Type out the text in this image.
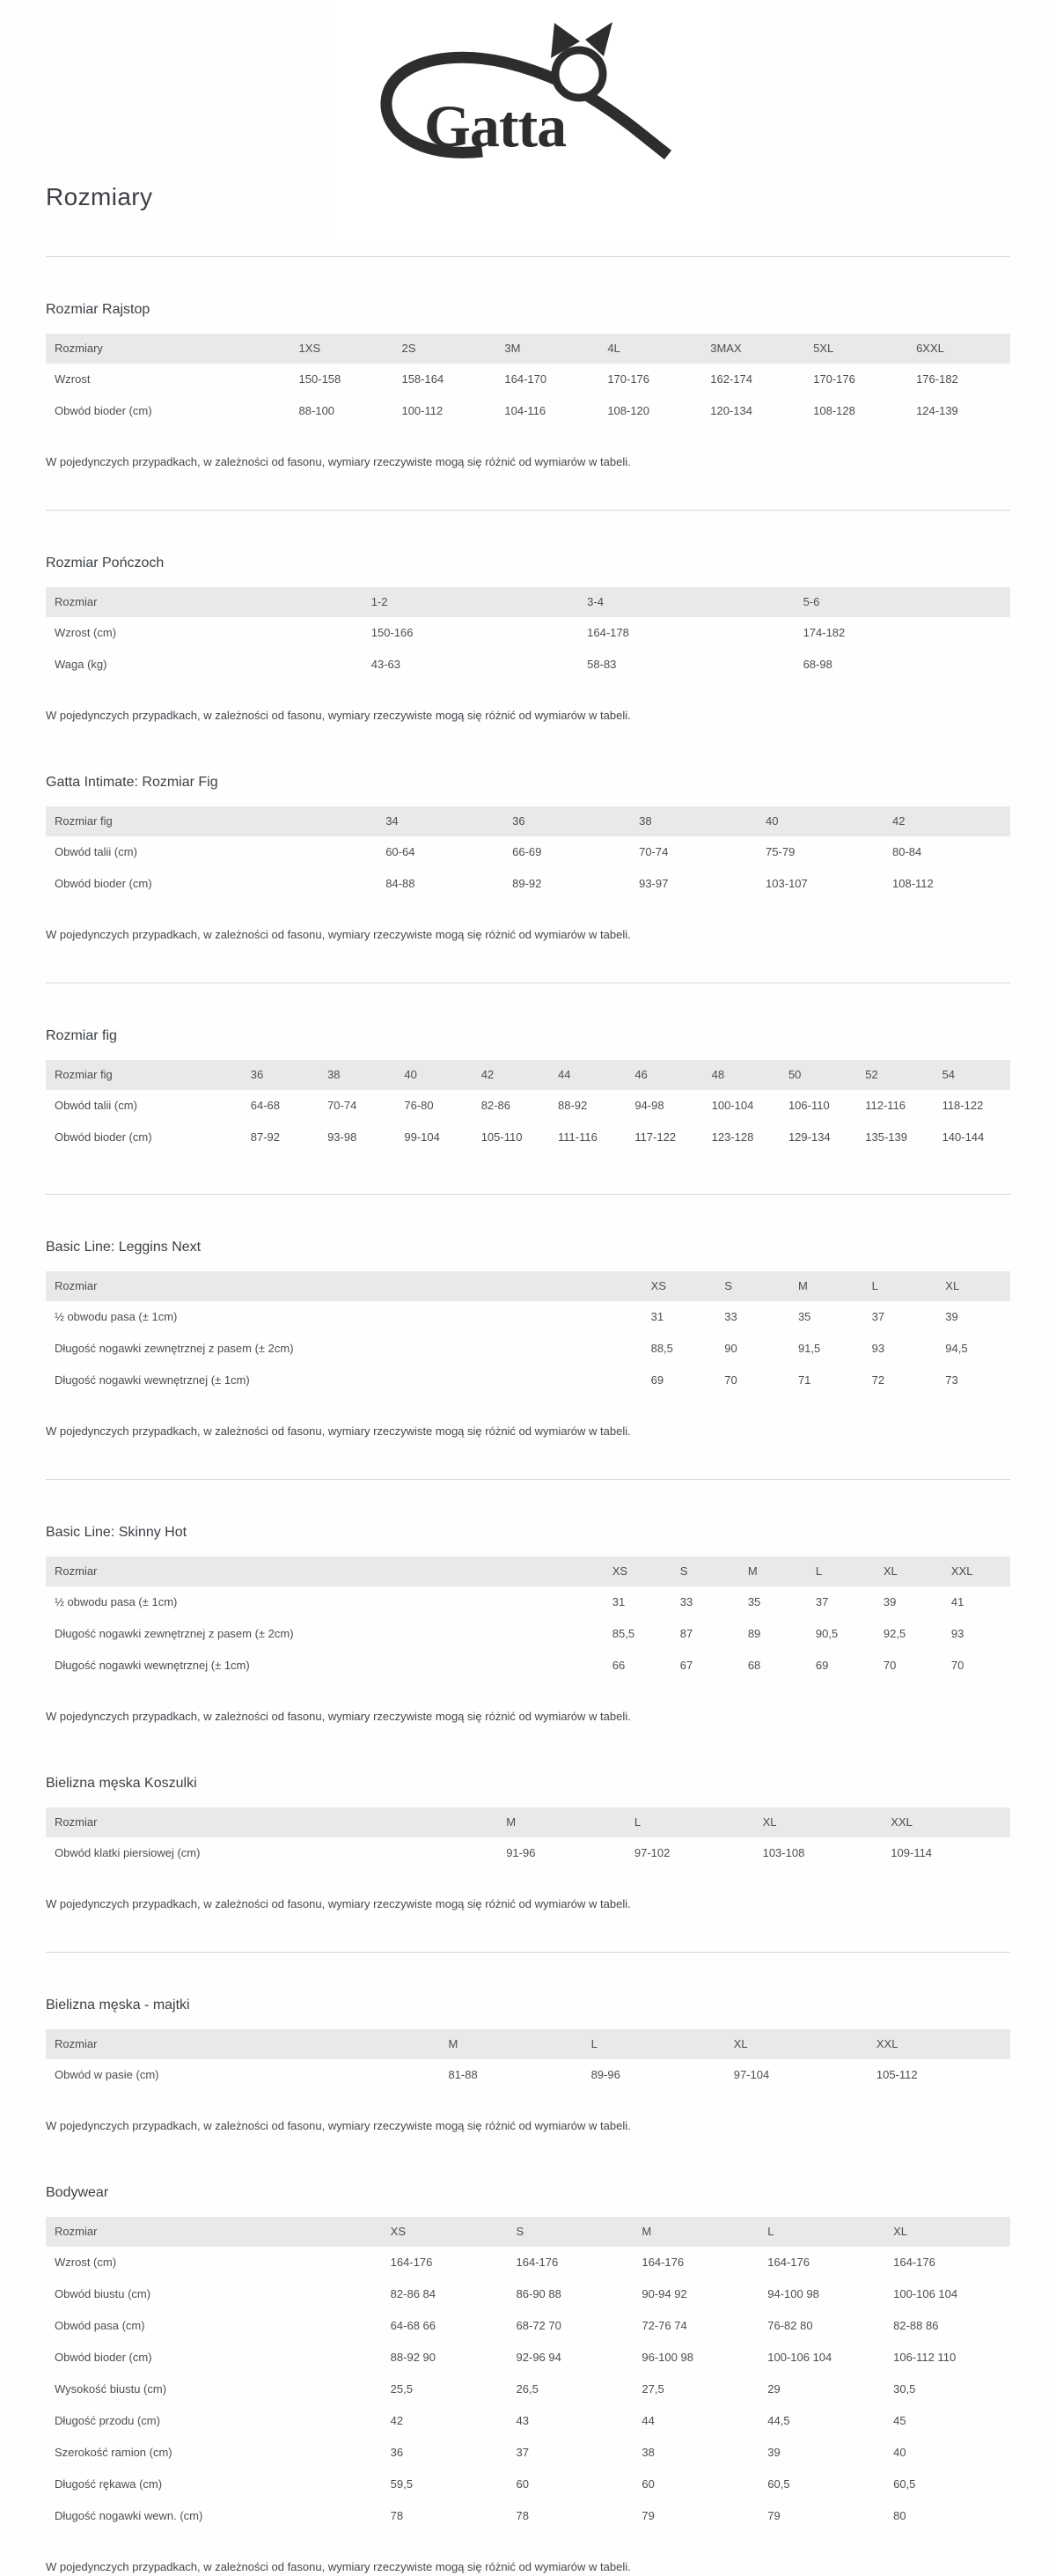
Gatta
Rozmiary
Rozmiar Rajstop
Rozmiary	1XS	2S	3M	4L	3MAX	5XL	6XXL
Wzrost	150-158	158-164	164-170	170-176	162-174	170-176	176-182
Obwód bioder (cm)	88-100	100-112	104-116	108-120	120-134	108-128	124-139

W pojedynczych przypadkach, w zależności od fasonu, wymiary rzeczywiste mogą się różnić od wymiarów w tabeli.

Rozmiar Pończoch
Rozmiar	1-2	3-4	5-6
Wzrost (cm)	150-166	164-178	174-182
Waga (kg)	43-63	58-83	68-98

W pojedynczych przypadkach, w zależności od fasonu, wymiary rzeczywiste mogą się różnić od wymiarów w tabeli.

Gatta Intimate: Rozmiar Fig
Rozmiar fig	34	36	38	40	42
Obwód talii (cm)	60-64	66-69	70-74	75-79	80-84
Obwód bioder (cm)	84-88	89-92	93-97	103-107	108-112

W pojedynczych przypadkach, w zależności od fasonu, wymiary rzeczywiste mogą się różnić od wymiarów w tabeli.

Rozmiar fig
Rozmiar fig	36	38	40	42	44	46	48	50	52	54
Obwód talii (cm)	64-68	70-74	76-80	82-86	88-92	94-98	100-104	106-110	112-116	118-122
Obwód bioder (cm)	87-92	93-98	99-104	105-110	111-116	117-122	123-128	129-134	135-139	140-144
Basic Line: Leggins Next
Rozmiar	XS	S	M	L	XL
½ obwodu pasa (± 1cm)	31	33	35	37	39
Długość nogawki zewnętrznej z pasem (± 2cm)	88,5	90	91,5	93	94,5
Długość nogawki wewnętrznej (± 1cm)	69	70	71	72	73

W pojedynczych przypadkach, w zależności od fasonu, wymiary rzeczywiste mogą się różnić od wymiarów w tabeli.

Basic Line: Skinny Hot
Rozmiar	XS	S	M	L	XL	XXL
½ obwodu pasa (± 1cm)	31	33	35	37	39	41
Długość nogawki zewnętrznej z pasem (± 2cm)	85,5	87	89	90,5	92,5	93
Długość nogawki wewnętrznej (± 1cm)	66	67	68	69	70	70

W pojedynczych przypadkach, w zależności od fasonu, wymiary rzeczywiste mogą się różnić od wymiarów w tabeli.

Bielizna męska Koszulki
Rozmiar	M	L	XL	XXL
Obwód klatki piersiowej (cm)	91-96	97-102	103-108	109-114

W pojedynczych przypadkach, w zależności od fasonu, wymiary rzeczywiste mogą się różnić od wymiarów w tabeli.

Bielizna męska - majtki
Rozmiar	M	L	XL	XXL
Obwód w pasie (cm)	81-88	89-96	97-104	105-112

W pojedynczych przypadkach, w zależności od fasonu, wymiary rzeczywiste mogą się różnić od wymiarów w tabeli.

Bodywear
Rozmiar	XS	S	M	L	XL
Wzrost (cm)	164-176	164-176	164-176	164-176	164-176
Obwód biustu (cm)	82-86 84	86-90 88	90-94 92	94-100 98	100-106 104
Obwód pasa (cm)	64-68 66	68-72 70	72-76 74	76-82 80	82-88 86
Obwód bioder (cm)	88-92 90	92-96 94	96-100 98	100-106 104	106-112 110
Wysokość biustu (cm)	25,5	26,5	27,5	29	30,5
Długość przodu (cm)	42	43	44	44,5	45
Szerokość ramion (cm)	36	37	38	39	40
Długość rękawa (cm)	59,5	60	60	60,5	60,5
Długość nogawki wewn. (cm)	78	78	79	79	80

W pojedynczych przypadkach, w zależności od fasonu, wymiary rzeczywiste mogą się różnić od wymiarów w tabeli.
